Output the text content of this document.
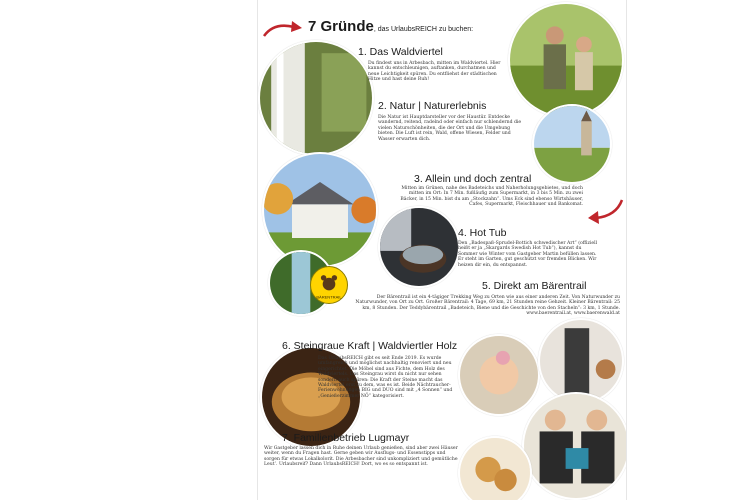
7 Gründe, das UrlaubsREICH zu buchen:
BÄRENTRAIL
1. Das Waldviertel
Du findest uns in Arbesbach, mitten im Waldviertel. Hier kannst du entschleunigen, auftanken, durchatmen und neue Leichtigkeit spüren. Du entfliehst der städtischen Hitze und hast deine Ruh!
2. Natur | Naturerlebnis
Die Natur ist Hauptdarsteller vor der Haustür. Entdecke wandernd, reitend, radelnd oder einfach nur schlendernd die vielen Naturschönheiten, die der Ort und die Umgebung bieten. Die Luft ist rein, Wald, offene Wiesen, Felder und Wasser erwarten dich.
3. Allein und doch zentral
Mitten im Grünen, nahe des Badeteichs und Naherholungsgebietes, und doch mitten im Ort: In 7 Min. fußläufig zum Supermarkt, in 3 bis 5 Min. zu zwei Bäcker, in 15 Min. bist du am „Stockzahn“. Ums Eck sind ebenso Wirtshäuser, Cafes, Supermarkt, Fleischhauer und Bankomat.
4. Hot Tub
Den „Badespaß-Sprudel-Bottich schwedischer Art“ (offiziell heißt er ja „Skargards Swedish Hot Tub“), kannst du Sommer wie Winter vom Gastgeber Martin befüllen lassen. Er steht im Garten, gut geschützt vor fremden Blicken. Wir heizen dir ein, du entspannst.
5. Direkt am Bärentrail
Der Bärentrail ist ein 4-tägiger Trekking Weg zu Orten wie aus einer anderen Zeit. Von Naturwunder zu Naturwunder, von Ort zu Ort. Großer Bärentrail: 4 Tage, 69 km, 21 Stunden reine Gehzeit. Kleiner Bärentrail: 25 km, 8 Stunden. Der Teddybärentrail „Badeteich, Biene und die Geschichte von den Stacheln“: 3 km, 1 Stunde. www.baerentrail.at, www.baerenwald.at
6. Steingraue Kraft | Waldviertler Holz
Das UrlaubsREICH gibt es seit Ende 2019. Es wurde umfangreich und möglichst nachhaltig renoviert und neu eingerichtet. Die Möbel sind aus Fichte, dem Holz des Waldviertels. Das Steingrau wirst du nicht nur sehen sondern auch spüren: Die Kraft der Steine macht das Waldviertel erst zu dem, was es ist. Beide Nächtraucher-Ferienwohnungen BIG und DUO sind mit „4 Sonnen“ und „Genießerzimmer NÖ“ kategorisiert.
7. Familienbetrieb Lugmayr
Wir Gastgeber lassen dich in Ruhe deinen Urlaub genießen, sind aber zwei Häuser weiter, wenn du Fragen hast. Gerne geben wir Ausflugs- und Essenstipps und sorgen für etwas Lokalkolorit. Die Arbesbacher sind unkompliziert und gemütliche Leut’. Urlaubsreif? Dann UrlaubsREICH! Dort, wo es so entspannt ist.
